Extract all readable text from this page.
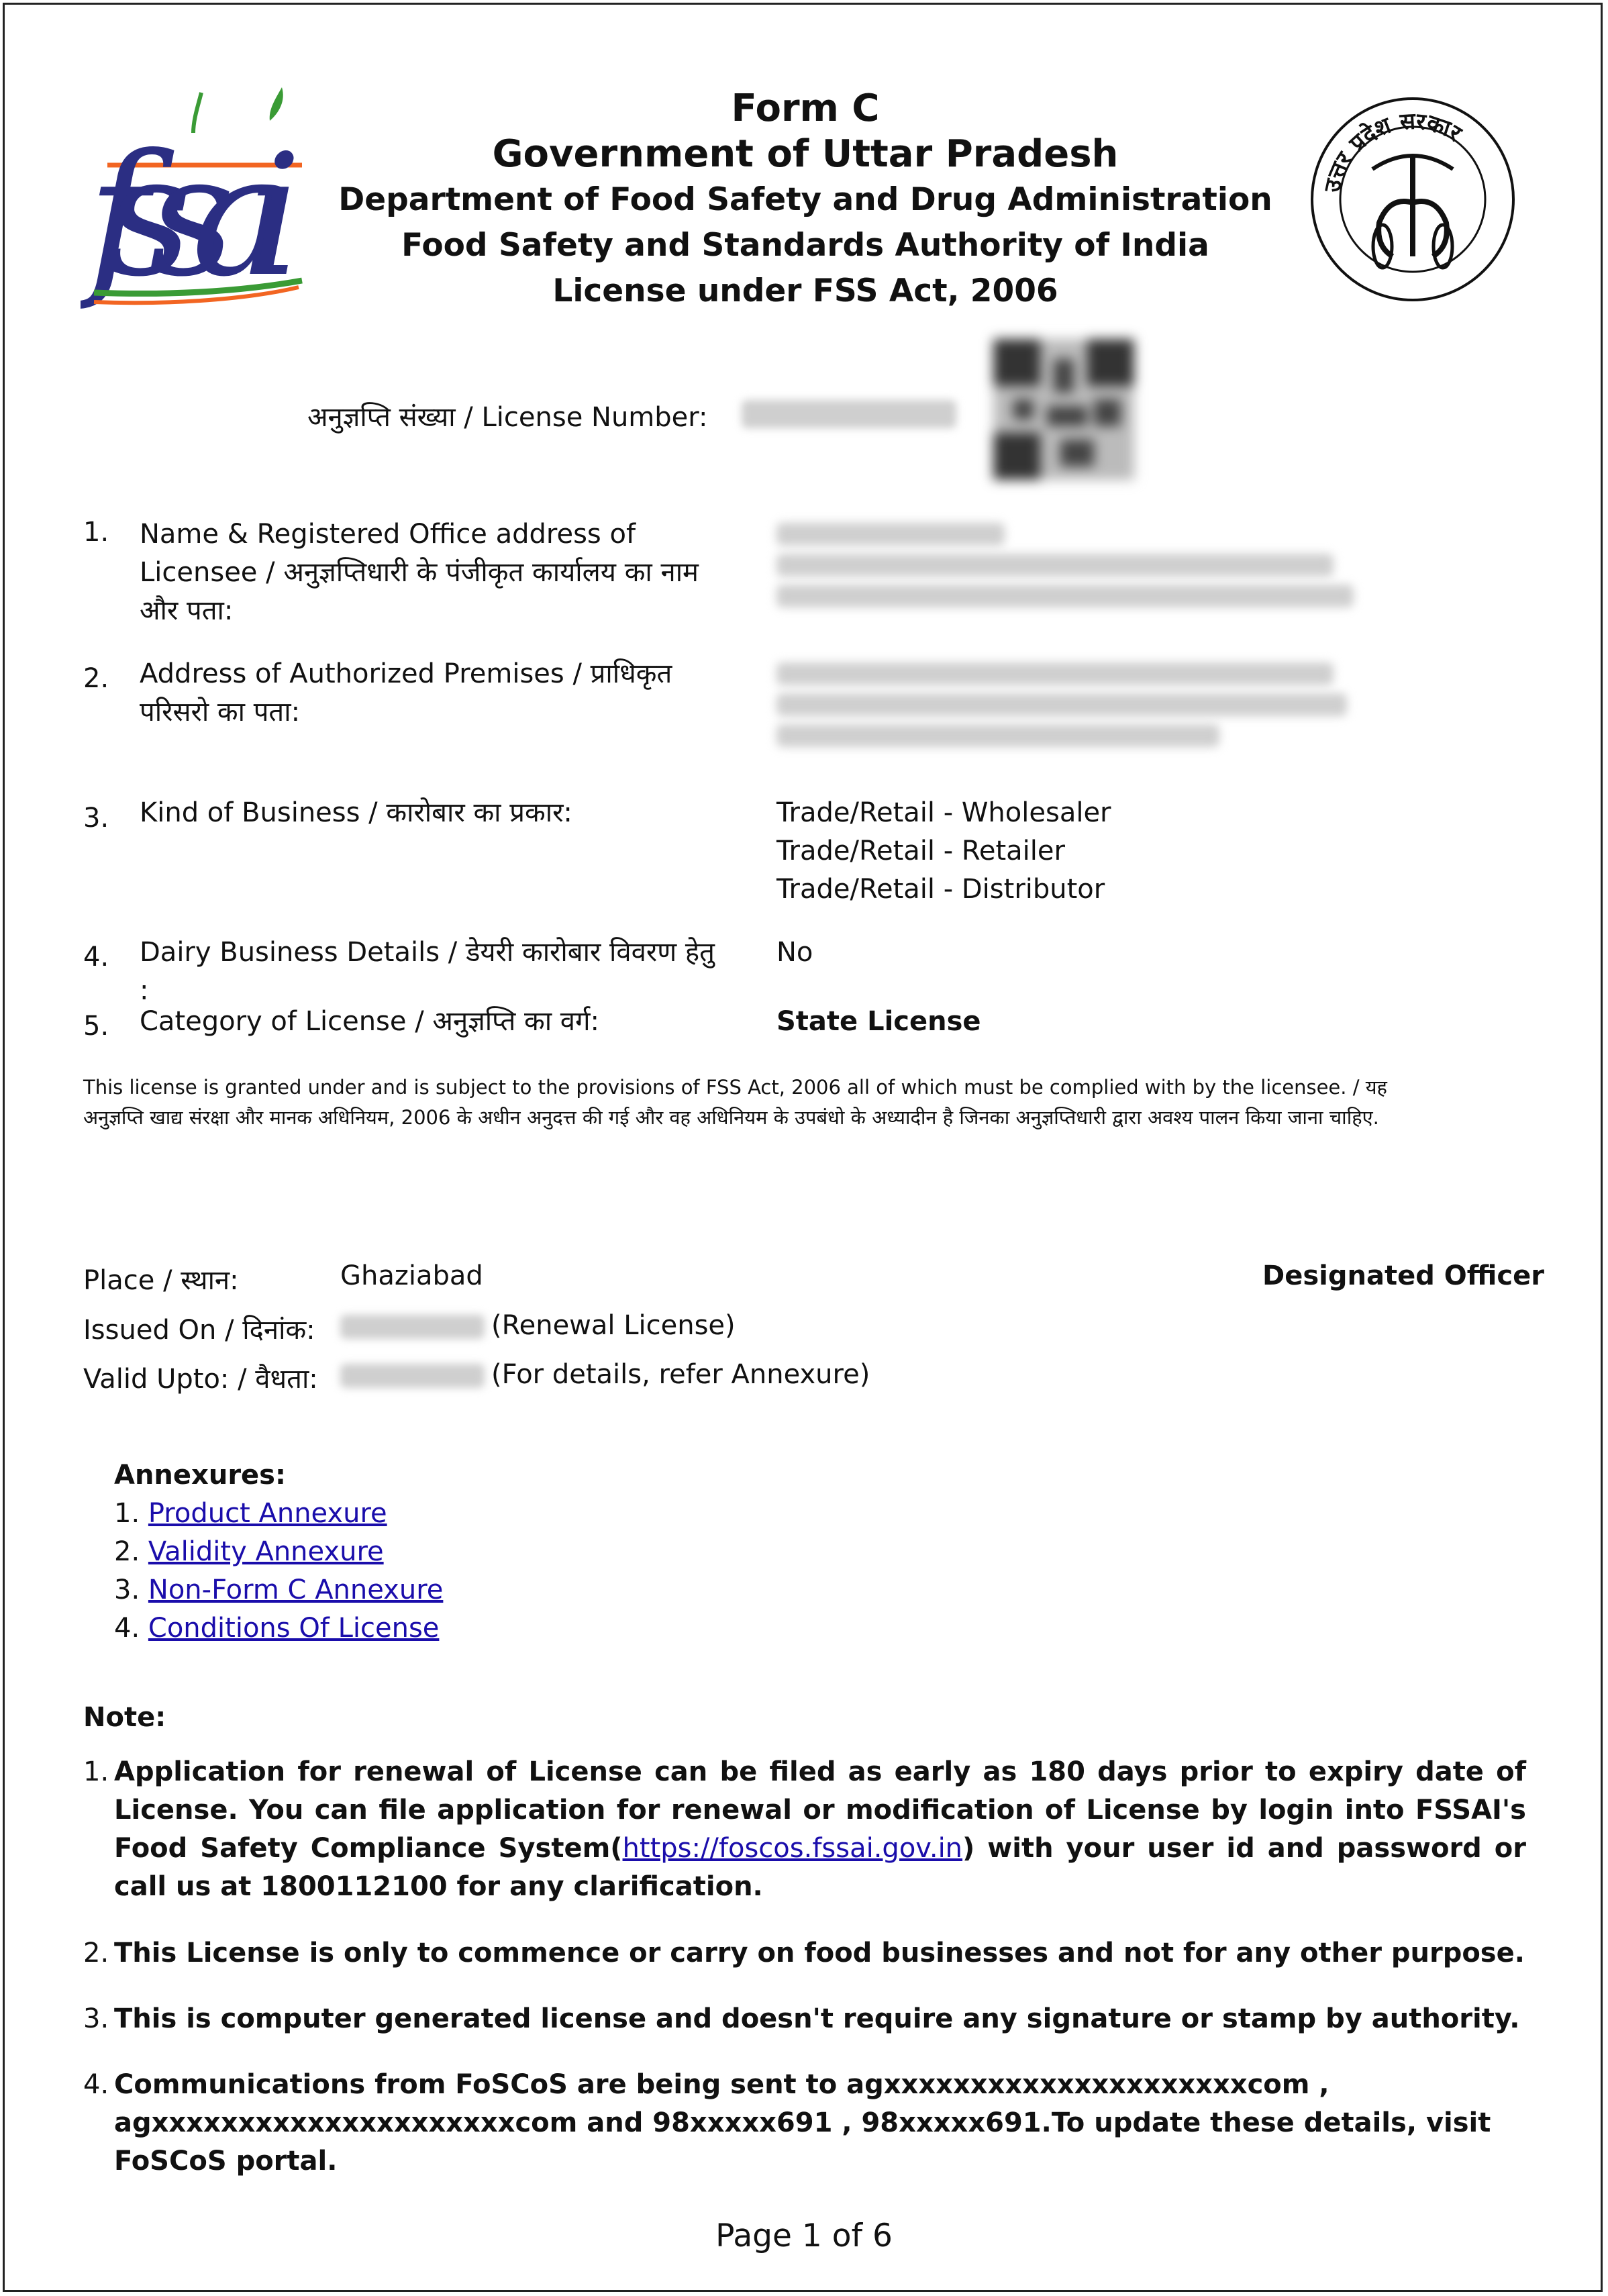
fssai	उत्तर प्रदेश सरकार
Form C
Government of Uttar Pradesh
Department of Food Safety and Drug Administration
Food Safety and Standards Authority of India
License under FSS Act, 2006
अनुज्ञप्ति संख्या / License Number:
1. Name & Registered Office address of Licensee / अनुज्ञप्तिधारी के पंजीकृत कार्यालय का नाम और पता:
2. Address of Authorized Premises / प्राधिकृत परिसरो का पता:
3. Kind of Business / कारोबार का प्रकार:	Trade/Retail - Wholesaler
Trade/Retail - Retailer
Trade/Retail - Distributor
4. Dairy Business Details / डेयरी कारोबार विवरण हेतु :
No
5. Category of License / अनुज्ञप्ति का वर्ग:	State License
This license is granted under and is subject to the provisions of FSS Act, 2006 all of which must be complied with by the licensee. / यह अनुज्ञप्ति खाद्य संरक्षा और मानक अधिनियम, 2006 के अधीन अनुदत्त की गई और वह अधिनियम के उपबंधो के अध्यादीन है जिनका अनुज्ञप्तिधारी द्वारा अवश्य पालन किया जाना चाहिए.
Place / स्थान:	Ghaziabad
Issued On / दिनांक:	(Renewal License)
Valid Upto: / वैधता:	(For details, refer Annexure)
Designated Officer
Annexures:
1. Product Annexure
2. Validity Annexure
3. Non-Form C Annexure
4. Conditions Of License
Note:
1. Application for renewal of License can be filed as early as 180 days prior to expiry date of License. You can file application for renewal or modification of License by login into FSSAI's Food Safety Compliance System(https://foscos.fssai.gov.in) with your user id and password or call us at 1800112100 for any clarification.
2. This License is only to commence or carry on food businesses and not for any other purpose.
3. This is computer generated license and doesn't require any signature or stamp by authority.
4. Communications from FoSCoS are being sent to agxxxxxxxxxxxxxxxxxxxxxcom , agxxxxxxxxxxxxxxxxxxxxxcom and 98xxxxx691 , 98xxxxx691.To update these details, visit FoSCoS portal.
Page 1 of 6
